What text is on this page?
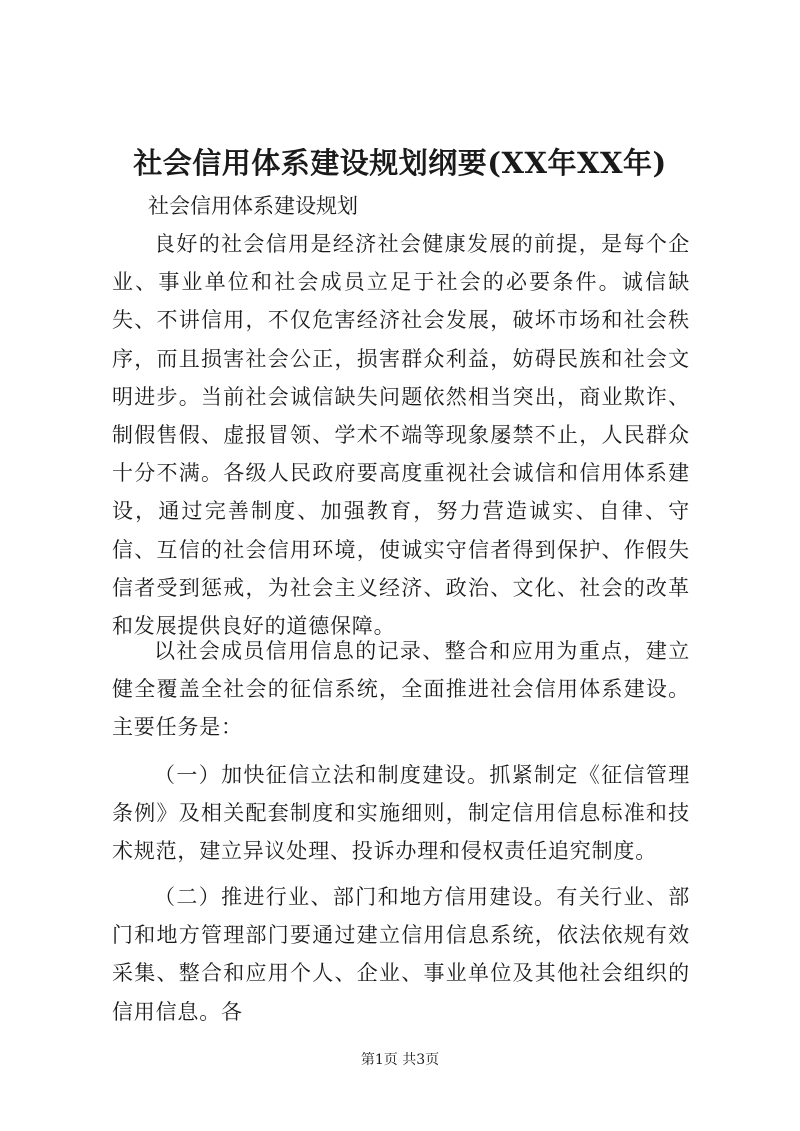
社会信用体系建设规划纲要(XX年XX年)
社会信用体系建设规划

良好的社会信用是经济社会健康发展的前提，是每个企业、事业单位和社会成员立足于社会的必要条件。诚信缺失、不讲信用，不仅危害经济社会发展，破坏市场和社会秩序，而且损害社会公正，损害群众利益，妨碍民族和社会文明进步。当前社会诚信缺失问题依然相当突出，商业欺诈、制假售假、虚报冒领、学术不端等现象屡禁不止，人民群众十分不满。各级人民政府要高度重视社会诚信和信用体系建设，通过完善制度、加强教育，努力营造诚实、自律、守信、互信的社会信用环境，使诚实守信者得到保护、作假失信者受到惩戒，为社会主义经济、政治、文化、社会的改革和发展提供良好的道德保障。

以社会成员信用信息的记录、整合和应用为重点，建立健全覆盖全社会的征信系统，全面推进社会信用体系建设。主要任务是：

（一）加快征信立法和制度建设。抓紧制定《征信管理条例》及相关配套制度和实施细则，制定信用信息标准和技术规范，建立异议处理、投诉办理和侵权责任追究制度。

（二）推进行业、部门和地方信用建设。有关行业、部门和地方管理部门要通过建立信用信息系统，依法依规有效采集、整合和应用个人、企业、事业单位及其他社会组织的信用信息。各

第1页 共3页
